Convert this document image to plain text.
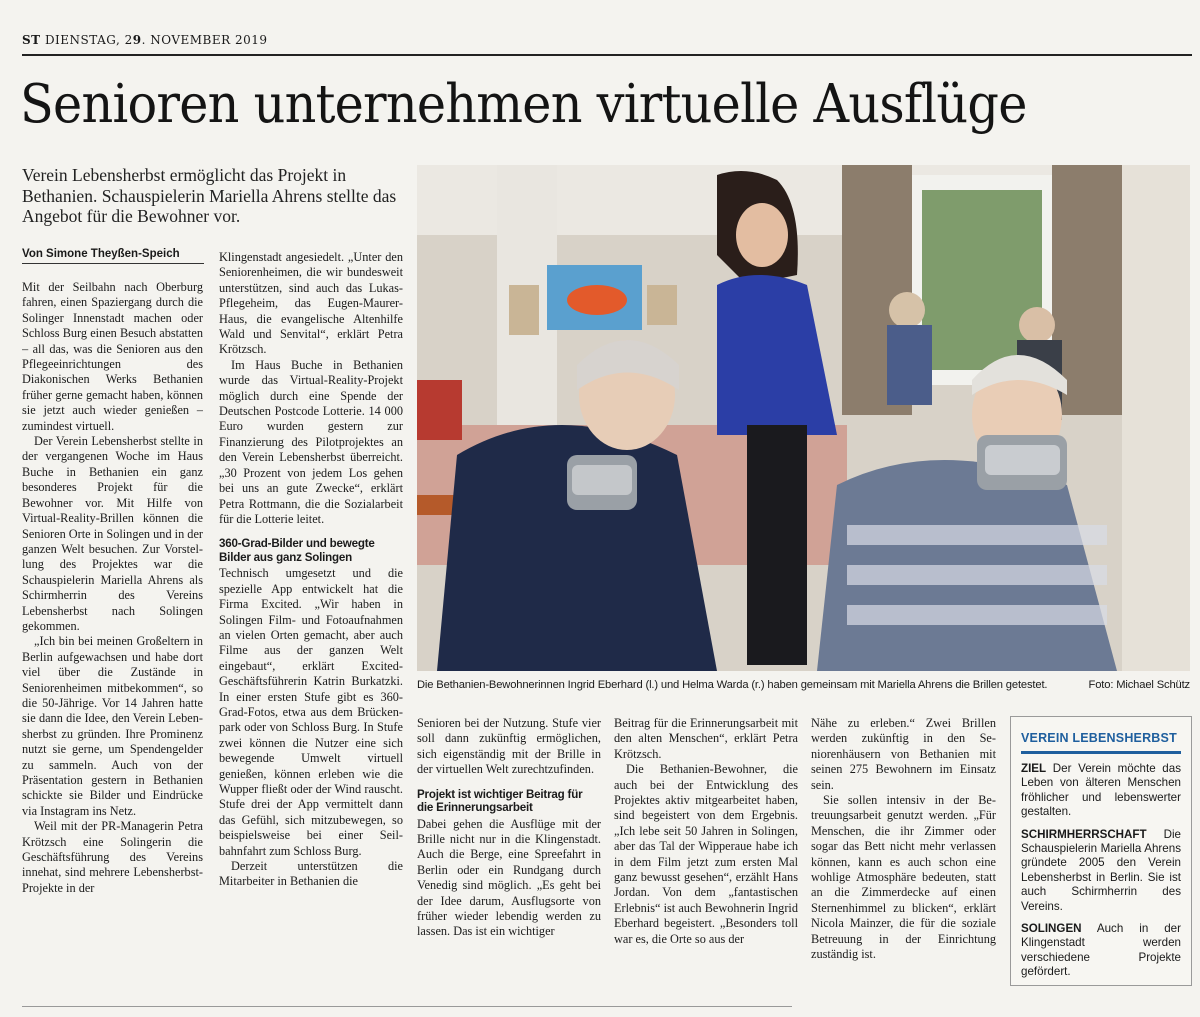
ST DIENSTAG, 29. NOVEMBER 2019
Senioren unternehmen virtuelle Ausflüge
Verein Lebensherbst ermöglicht das Projekt in Bethanien. Schauspielerin Mariella Ahrens stellte das Angebot für die Bewohner vor.
Von Simone Theyßen-Speich

Mit der Seilbahn nach Oberburg fahren, einen Spaziergang durch die Solinger Innenstadt machen oder Schloss Burg einen Besuch abstatten – all das, was die Senioren aus den Pflegeeinrichtungen des Diakonischen Werks Bethanien früher gerne gemacht haben, können sie jetzt auch wieder genießen – zumindest virtuell.

Der Verein Lebensherbst stellte in der vergangenen Woche im Haus Buche in Bethanien ein ganz besonderes Projekt für die Bewohner vor. Mit Hilfe von Virtual-Reality-Brillen können die Senioren Orte in Solingen und in der ganzen Welt besuchen. Zur Vorstellung des Projektes war die Schauspielerin Mariella Ahrens als Schirmherrin des Vereins Lebensherbst nach Solingen gekommen.

„Ich bin bei meinen Großeltern in Berlin aufgewachsen und habe dort viel über die Zustände in Seniorenheimen mitbekommen“, so die 50-Jährige. Vor 14 Jahren hatte sie dann die Idee, den Verein Lebensherbst zu gründen. Ihre Prominenz nutzt sie gerne, um Spendengelder zu sammeln. Auch von der Präsentation gestern in Bethanien schickte sie Bilder und Eindrücke via Instagram ins Netz.

Weil mit der PR-Managerin Petra Krötzsch eine Solingerin die Geschäftsführung des Vereins innehat, sind mehrere Lebensherbst-Projekte in der

Klingenstadt angesiedelt. „Unter den Seniorenheimen, die wir bundesweit unterstützen, sind auch das Lukas-Pflegeheim, das Eugen-Maurer-Haus, die evangelische Altenhilfe Wald und Senvital“, erklärt Petra Krötzsch.

Im Haus Buche in Bethanien wurde das Virtual-Reality-Projekt möglich durch eine Spende der Deutschen Postcode Lotterie. 14 000 Euro wurden gestern zur Finanzierung des Pilotprojektes an den Verein Lebensherbst überreicht. „30 Prozent von jedem Los gehen bei uns an gute Zwecke“, erklärt Petra Rottmann, die die Sozialarbeit für die Lotterie leitet.

360-Grad-Bilder und bewegte Bilder aus ganz Solingen

Technisch umgesetzt und die spezielle App entwickelt hat die Firma Excited. „Wir haben in Solingen Film- und Fotoaufnahmen an vielen Orten gemacht, aber auch Filme aus der ganzen Welt eingebaut“, erklärt Excited-Geschäftsführerin Katrin Burkatzki. In einer ersten Stufe gibt es 360-Grad-Fotos, etwa aus dem Brückenpark oder von Schloss Burg. In Stufe zwei können die Nutzer eine sich bewegende Umwelt virtuell genießen, können erleben wie die Wupper fließt oder der Wind rauscht. Stufe drei der App vermittelt dann das Gefühl, sich mitzubewegen, so beispielsweise bei einer Seilbahnfahrt zum Schloss Burg.

Derzeit unterstützen die Mitarbeiter in Bethanien die

Die Bethanien-Bewohnerinnen Ingrid Eberhard (l.) und Helma Warda (r.) haben gemeinsam mit Mariella Ahrens die Brillen getestet.	Foto: Michael Schütz

Senioren bei der Nutzung. Stufe vier soll dann zukünftig ermöglichen, sich eigenständig mit der Brille in der virtuellen Welt zurechtzufinden.

Projekt ist wichtiger Beitrag für die Erinnerungsarbeit

Dabei gehen die Ausflüge mit der Brille nicht nur in die Klingenstadt. Auch die Berge, eine Spreefahrt in Berlin oder ein Rundgang durch Venedig sind möglich. „Es geht bei der Idee darum, Ausflugsorte von früher wieder lebendig werden zu lassen. Das ist ein wichtiger

Beitrag für die Erinnerungsarbeit mit den alten Menschen“, erklärt Petra Krötzsch.

Die Bethanien-Bewohner, die auch bei der Entwicklung des Projektes aktiv mitgearbeitet haben, sind begeistert von dem Ergebnis. „Ich lebe seit 50 Jahren in Solingen, aber das Tal der Wipperaue habe ich in dem Film jetzt zum ersten Mal ganz bewusst gesehen“, erzählt Hans Jordan. Von dem „fantastischen Erlebnis“ ist auch Bewohnerin Ingrid Eberhard begeistert. „Besonders toll war es, die Orte so aus der

Nähe zu erleben.“ Zwei Brillen werden zukünftig in den Seniorenhäusern von Bethanien mit seinen 275 Bewohnern im Einsatz sein.

Sie sollen intensiv in der Betreuungsarbeit genutzt werden. „Für Menschen, die ihr Zimmer oder sogar das Bett nicht mehr verlassen können, kann es auch schon eine wohlige Atmosphäre bedeuten, statt an die Zimmerdecke auf einen Sternenhimmel zu blicken“, erklärt Nicola Mainzer, die für die soziale Betreuung in der Einrichtung zuständig ist.

VEREIN LEBENSHERBST

ZIEL Der Verein möchte das Leben von älteren Menschen fröhlicher und lebenswerter gestalten.

SCHIRMHERRSCHAFT Die Schauspielerin Mariella Ahrens gründete 2005 den Verein Lebensherbst in Berlin. Sie ist auch Schirmherrin des Vereins.

SOLINGEN Auch in der Klingenstadt werden verschiedene Projekte gefördert.
